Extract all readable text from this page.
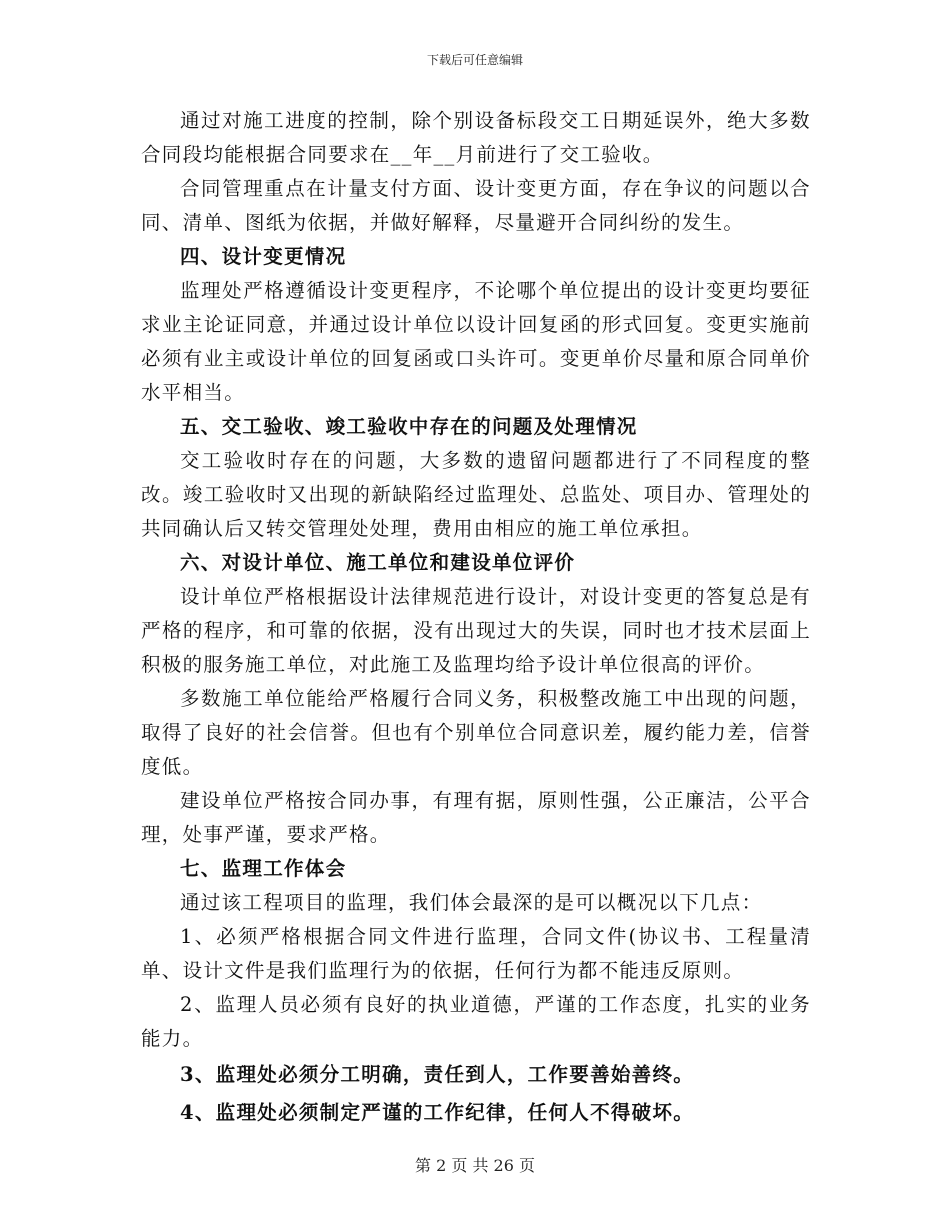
下载后可任意编辑

通过对施工进度的控制，除个别设备标段交工日期延误外，绝大多数合同段均能根据合同要求在__年__月前进行了交工验收。

合同管理重点在计量支付方面、设计变更方面，存在争议的问题以合同、清单、图纸为依据，并做好解释，尽量避开合同纠纷的发生。

四、设计变更情况

监理处严格遵循设计变更程序，不论哪个单位提出的设计变更均要征求业主论证同意，并通过设计单位以设计回复函的形式回复。变更实施前必须有业主或设计单位的回复函或口头许可。变更单价尽量和原合同单价水平相当。

五、交工验收、竣工验收中存在的问题及处理情况

交工验收时存在的问题，大多数的遗留问题都进行了不同程度的整改。竣工验收时又出现的新缺陷经过监理处、总监处、项目办、管理处的共同确认后又转交管理处处理，费用由相应的施工单位承担。

六、对设计单位、施工单位和建设单位评价

设计单位严格根据设计法律规范进行设计，对设计变更的答复总是有严格的程序，和可靠的依据，没有出现过大的失误，同时也才技术层面上积极的服务施工单位，对此施工及监理均给予设计单位很高的评价。

多数施工单位能给严格履行合同义务，积极整改施工中出现的问题，取得了良好的社会信誉。但也有个别单位合同意识差，履约能力差，信誉度低。

建设单位严格按合同办事，有理有据，原则性强，公正廉洁，公平合理，处事严谨，要求严格。

七、监理工作体会

通过该工程项目的监理，我们体会最深的是可以概况以下几点：

1、必须严格根据合同文件进行监理，合同文件(协议书、工程量清单、设计文件是我们监理行为的依据，任何行为都不能违反原则。

2、监理人员必须有良好的执业道德，严谨的工作态度，扎实的业务能力。

3、监理处必须分工明确，责任到人，工作要善始善终。

4、监理处必须制定严谨的工作纪律，任何人不得破坏。

第 2 页 共 26 页
